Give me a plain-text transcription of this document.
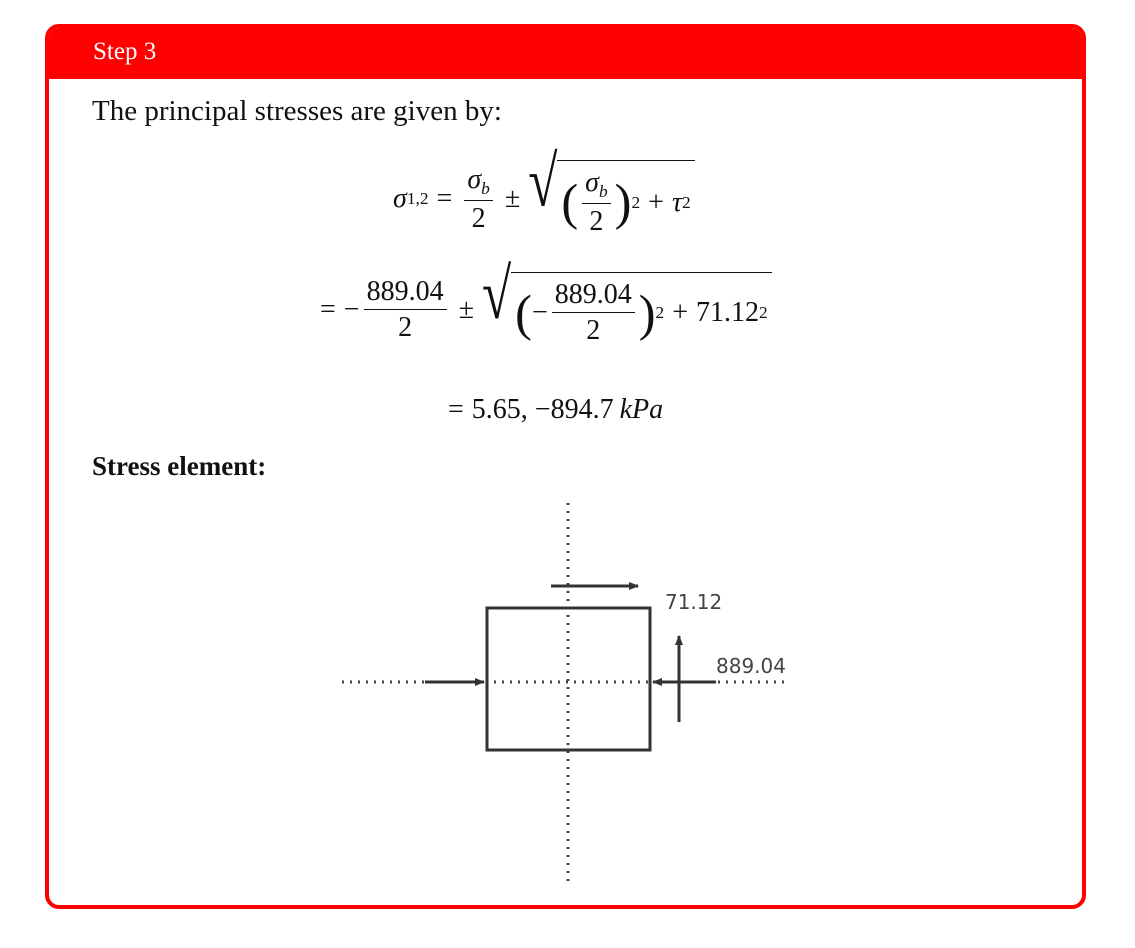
Step 3
The principal stresses are given by:
σ $1,2 = \frac{\sigma_b}{2}$ ± √ ( $\frac{\sigma_b}{2}$ ) 2 + τ 2
= − $\frac{889.04}{2}$ ± √ ( − $\frac{889.04}{2}$ ) 2 + 71.12 2
= 5.65, −894.7 kPa
Stress element:
71.12
889.04
